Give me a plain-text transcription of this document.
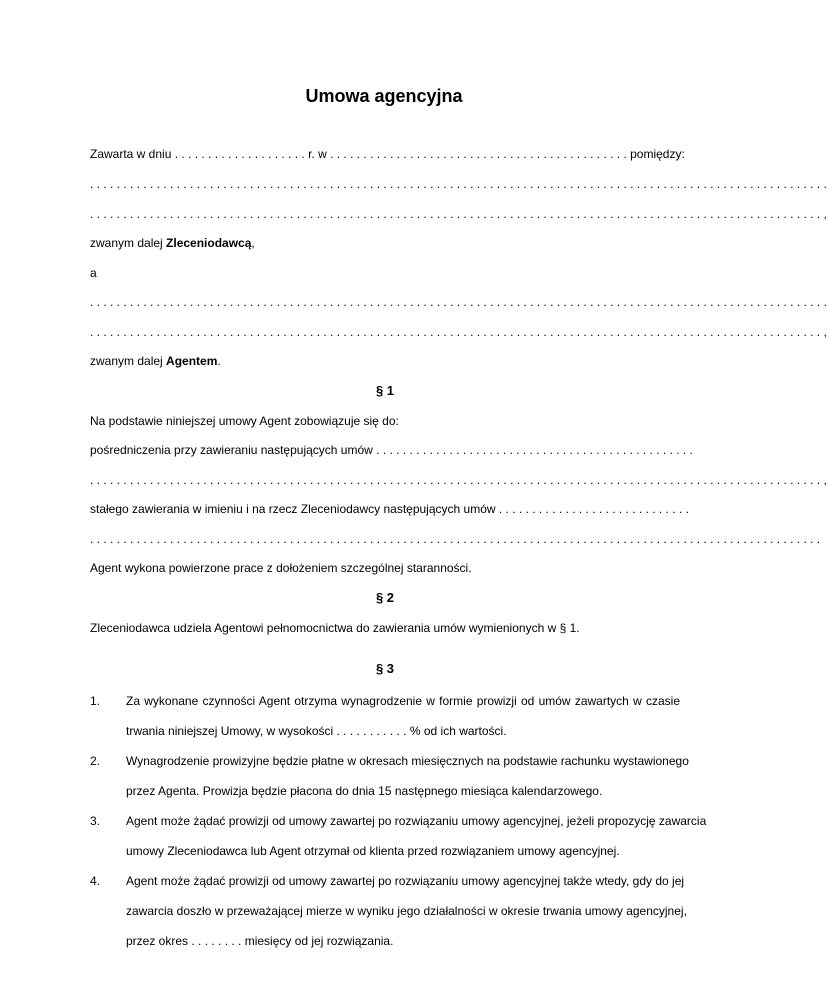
Umowa agencyjna
Zawarta w dniu . . . . . . . . . . . . . . . . . . . . r. w . . . . . . . . . . . . . . . . . . . . . . . . . . . . . . . . . . . . . . . . . . . . . pomiędzy:
. . . . . . . . . . . . . . . . . . . . . . . . . . . . . . . . . . . . . . . . . . . . . . . . . . . . . . . . . . . . . . . . . . . . . . . . . . . . . . . . . . . . . . . . . . . . . . . . . . . . . . . . . . . . . . .
. . . . . . . . . . . . . . . . . . . . . . . . . . . . . . . . . . . . . . . . . . . . . . . . . . . . . . . . . . . . . . . . . . . . . . . . . . . . . . . . . . . . . . . . . . . . . . . . . . . . . . . . . . . . . . ,
zwanym dalej Zleceniodawcą,
a
. . . . . . . . . . . . . . . . . . . . . . . . . . . . . . . . . . . . . . . . . . . . . . . . . . . . . . . . . . . . . . . . . . . . . . . . . . . . . . . . . . . . . . . . . . . . . . . . . . . . . . . . . . . . . . .
. . . . . . . . . . . . . . . . . . . . . . . . . . . . . . . . . . . . . . . . . . . . . . . . . . . . . . . . . . . . . . . . . . . . . . . . . . . . . . . . . . . . . . . . . . . . . . . . . . . . . . . . . . . . . . ,
zwanym dalej Agentem.
§ 1
Na podstawie niniejszej umowy Agent zobowiązuje się do:
pośredniczenia przy zawieraniu następujących umów . . . . . . . . . . . . . . . . . . . . . . . . . . . . . . . . . . . . . . . . . . . . . . . .
. . . . . . . . . . . . . . . . . . . . . . . . . . . . . . . . . . . . . . . . . . . . . . . . . . . . . . . . . . . . . . . . . . . . . . . . . . . . . . . . . . . . . . . . . . . . . . . . . . . . . . . . . . . . . . ,
stałego zawierania w imieniu i na rzecz Zleceniodawcy następujących umów . . . . . . . . . . . . . . . . . . . . . . . . . . . . .
. . . . . . . . . . . . . . . . . . . . . . . . . . . . . . . . . . . . . . . . . . . . . . . . . . . . . . . . . . . . . . . . . . . . . . . . . . . . . . . . . . . . . . . . . . . . . . . . . . . . . . . . . . . . . .
Agent wykona powierzone prace z dołożeniem szczególnej staranności.
§ 2
Zleceniodawca udziela Agentowi pełnomocnictwa do zawierania umów wymienionych w § 1.
§ 3
1. Za wykonane czynności Agent otrzyma wynagrodzenie w formie prowizji od umów zawartych w czasie
trwania niniejszej Umowy, w wysokości . . . . . . . . . . . % od ich wartości.
2. Wynagrodzenie prowizyjne będzie płatne w okresach miesięcznych na podstawie rachunku wystawionego
przez Agenta. Prowizja będzie płacona do dnia 15 następnego miesiąca kalendarzowego.
3. Agent może żądać prowizji od umowy zawartej po rozwiązaniu umowy agencyjnej, jeżeli propozycję zawarcia
umowy Zleceniodawca lub Agent otrzymał od klienta przed rozwiązaniem umowy agencyjnej.
4. Agent może żądać prowizji od umowy zawartej po rozwiązaniu umowy agencyjnej także wtedy, gdy do jej
zawarcia doszło w przeważającej mierze w wyniku jego działalności w okresie trwania umowy agencyjnej,
przez okres . . . . . . . . miesięcy od jej rozwiązania.
